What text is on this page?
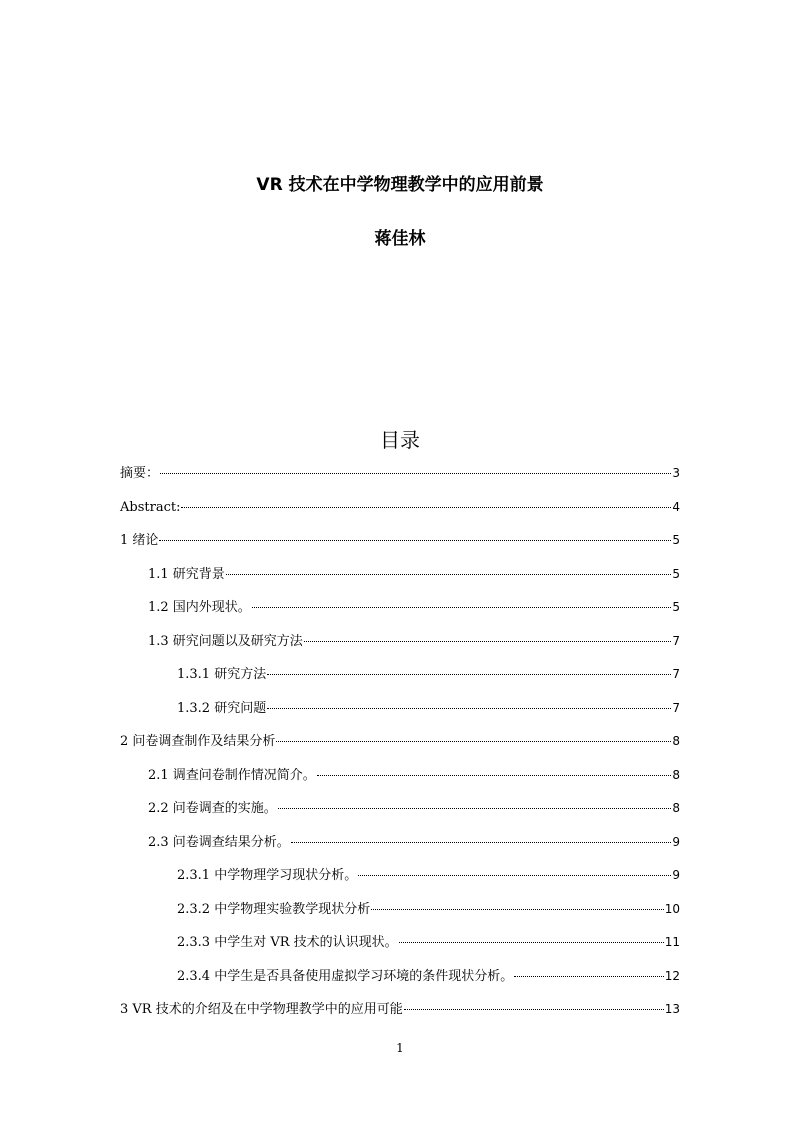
VR 技术在中学物理教学中的应用前景
蒋佳林
目录
摘要：	3
Abstract:	4
1 绪论	5
1.1 研究背景	5
1.2 国内外现状。	5
1.3 研究问题以及研究方法	7
1.3.1 研究方法	7
1.3.2 研究问题	7
2 问卷调查制作及结果分析	8
2.1 调查问卷制作情况简介。	8
2.2 问卷调查的实施。	8
2.3 问卷调查结果分析。	9
2.3.1 中学物理学习现状分析。	9
2.3.2 中学物理实验教学现状分析	10
2.3.3 中学生对 VR 技术的认识现状。	11
2.3.4 中学生是否具备使用虚拟学习环境的条件现状分析。	12
3 VR 技术的介绍及在中学物理教学中的应用可能	13
1
